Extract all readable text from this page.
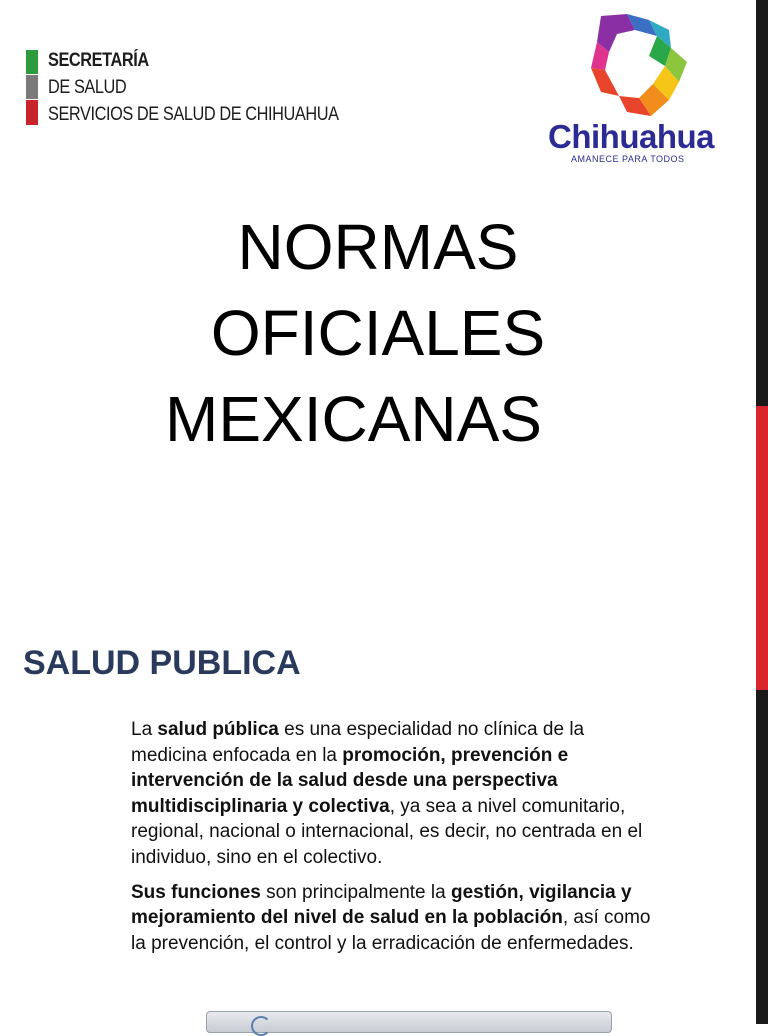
SECRETARÍA
DE SALUD
SERVICIOS DE SALUD DE CHIHUAHUA
Chihuahua
AMANECE PARA TODOS
NORMAS
OFICIALES
MEXICANAS
SALUD PUBLICA

La salud pública es una especialidad no clínica de la medicina enfocada en la promoción, prevención e intervención de la salud desde una perspectiva multidisciplinaria y colectiva, ya sea a nivel comunitario, regional, nacional o internacional, es decir, no centrada en el individuo, sino en el colectivo.

Sus funciones son principalmente la gestión, vigilancia y mejoramiento del nivel de salud en la población, así como la prevención, el control y la erradicación de enfermedades.
